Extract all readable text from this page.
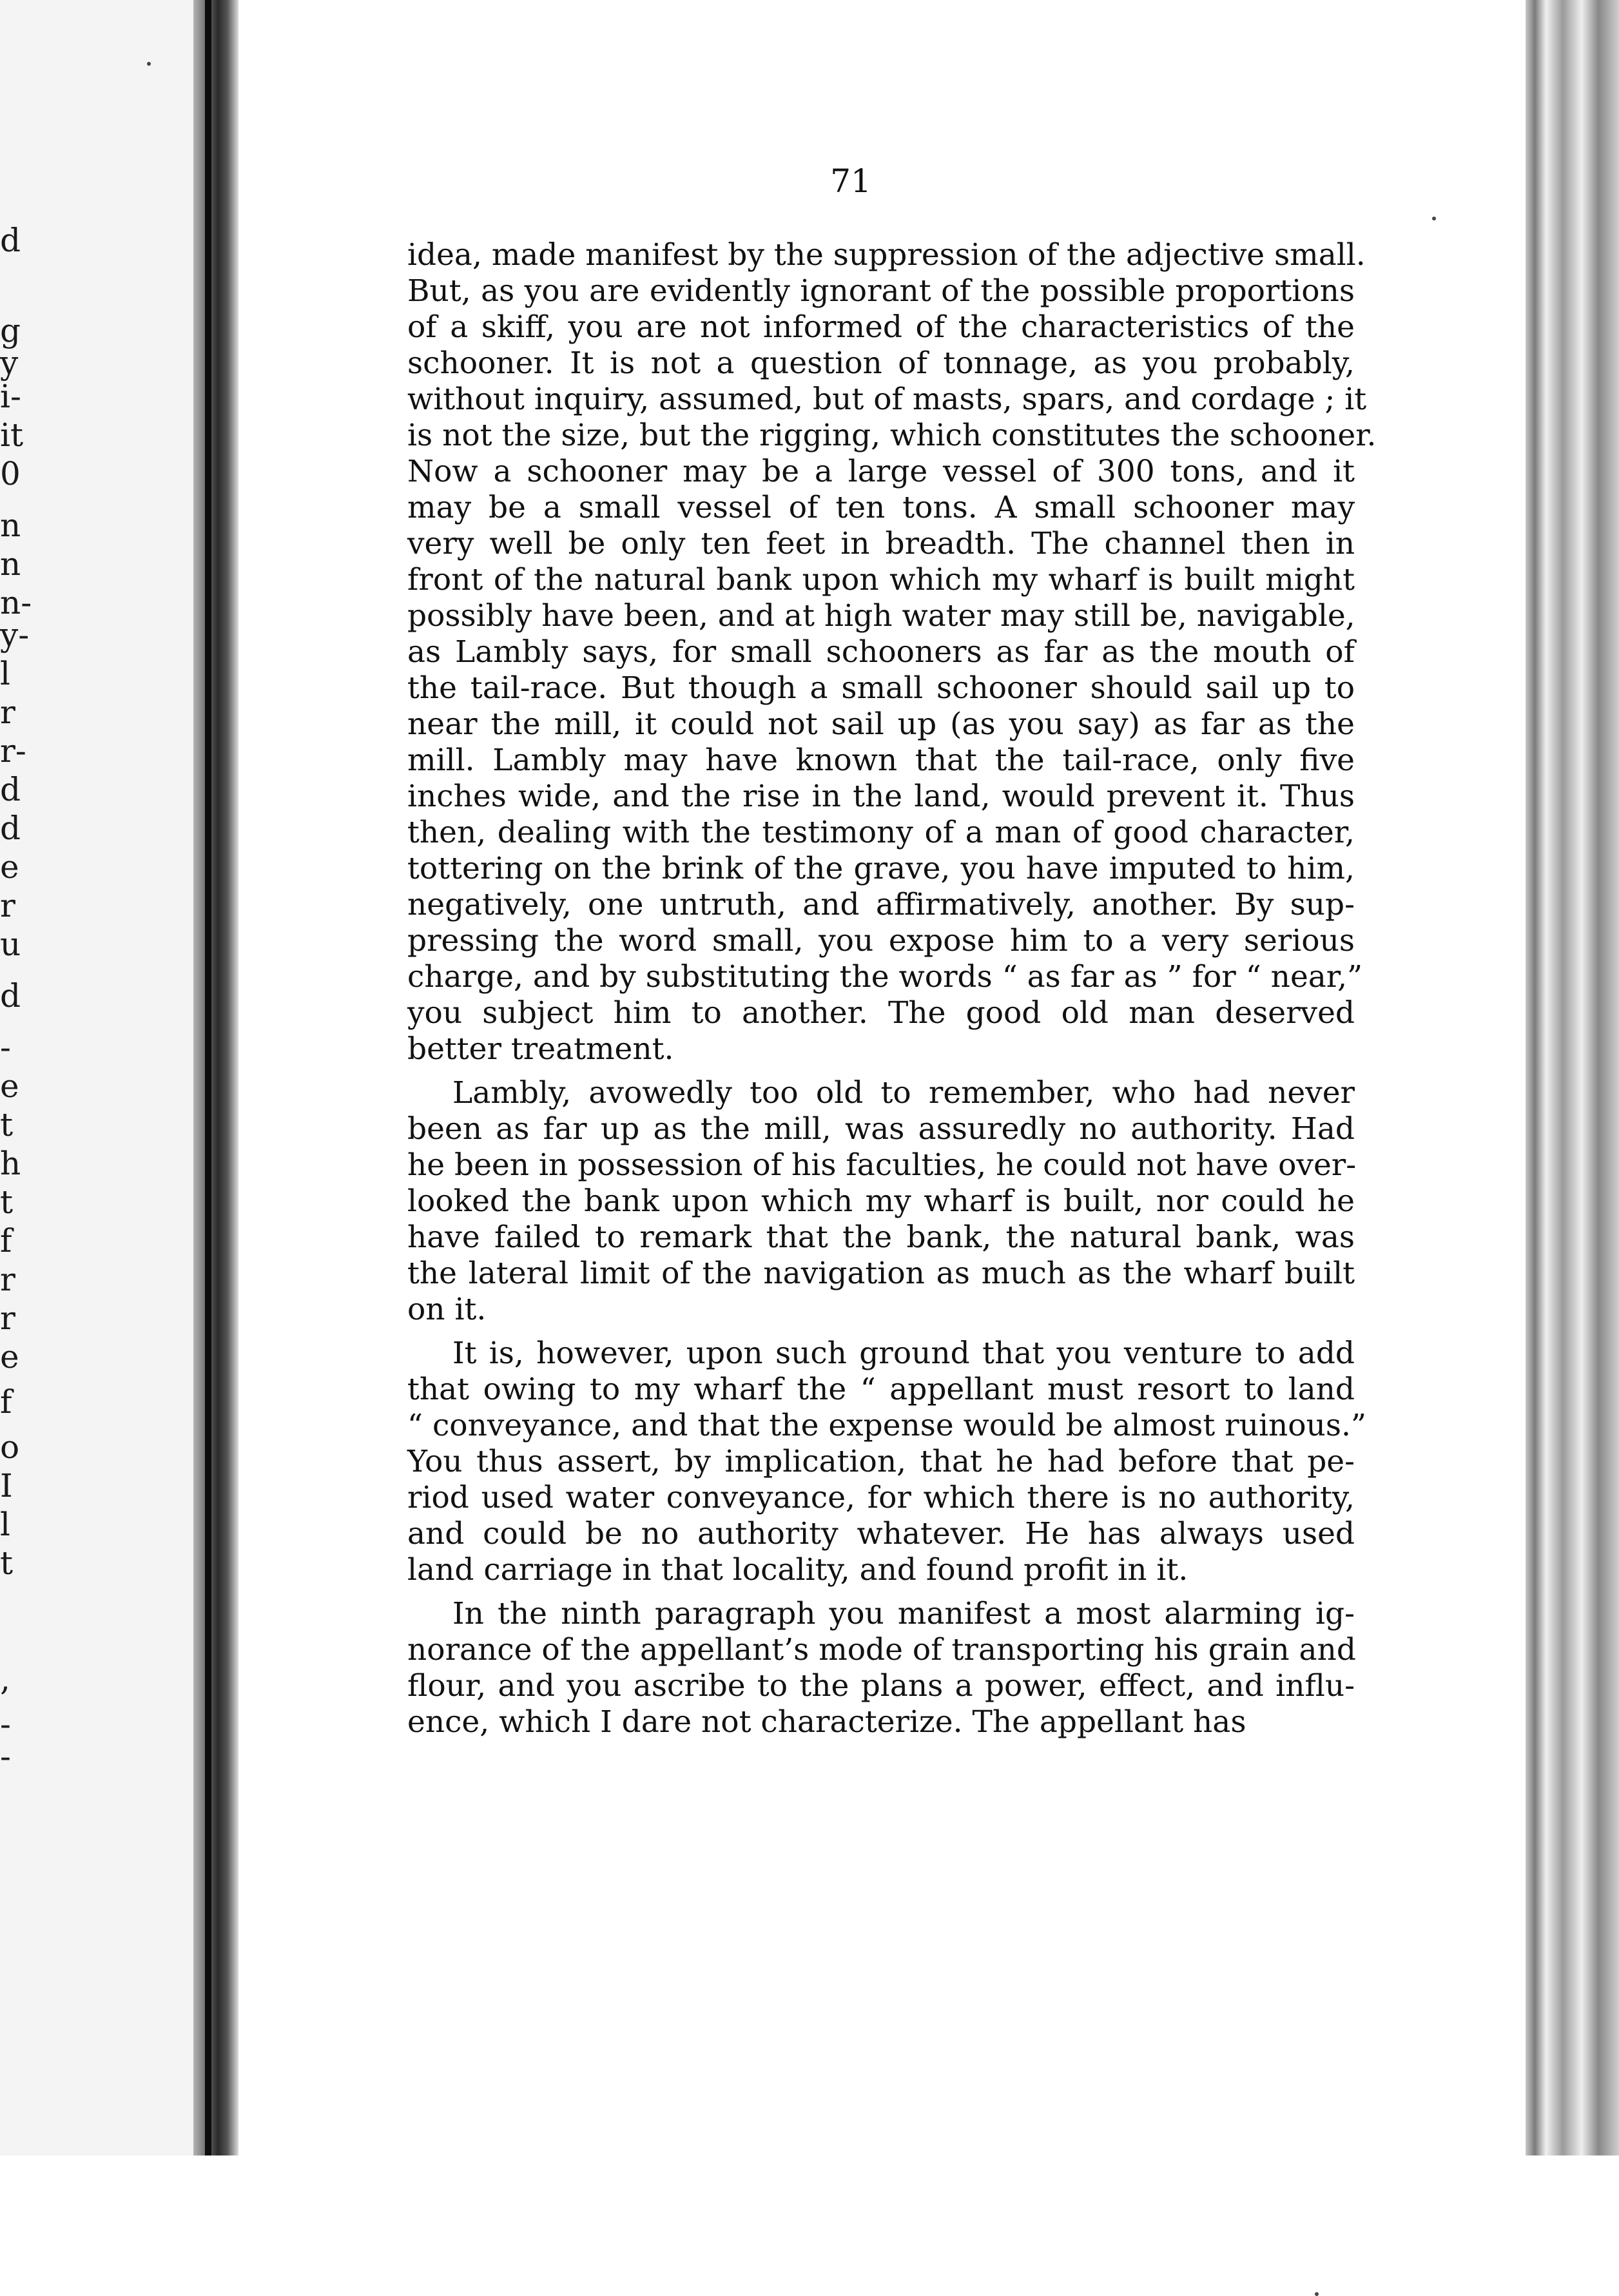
d
g
y
i-
it
0
n
n
n-
y-
l
r
r-
d
d
e
r
u
d
-
e
t
h
t
f
r
r
e
f
o
I
l
t
,
-
-
71
idea, made manifest by the suppression of the adjective small.
But, as you are evidently ignorant of the possible proportions
of a skiff, you are not informed of the characteristics of the
schooner. It is not a question of tonnage, as you probably,
without inquiry, assumed, but of masts, spars, and cordage ; it
is not the size, but the rigging, which constitutes the schooner.
Now a schooner may be a large vessel of 300 tons, and it
may be a small vessel of ten tons. A small schooner may
very well be only ten feet in breadth. The channel then in
front of the natural bank upon which my wharf is built might
possibly have been, and at high water may still be, navigable,
as Lambly says, for small schooners as far as the mouth of
the tail-race. But though a small schooner should sail up to
near the mill, it could not sail up (as you say) as far as the
mill. Lambly may have known that the tail-race, only five
inches wide, and the rise in the land, would prevent it. Thus
then, dealing with the testimony of a man of good character,
tottering on the brink of the grave, you have imputed to him,
negatively, one untruth, and affirmatively, another. By sup-
pressing the word small, you expose him to a very serious
charge, and by substituting the words “ as far as ” for “ near,”
you subject him to another. The good old man deserved
better treatment.
Lambly, avowedly too old to remember, who had never
been as far up as the mill, was assuredly no authority. Had
he been in possession of his faculties, he could not have over-
looked the bank upon which my wharf is built, nor could he
have failed to remark that the bank, the natural bank, was
the lateral limit of the navigation as much as the wharf built
on it.
It is, however, upon such ground that you venture to add
that owing to my wharf the “ appellant must resort to land
“ conveyance, and that the expense would be almost ruinous.”
You thus assert, by implication, that he had before that pe-
riod used water conveyance, for which there is no authority,
and could be no authority whatever. He has always used
land carriage in that locality, and found profit in it.
In the ninth paragraph you manifest a most alarming ig-
norance of the appellant’s mode of transporting his grain and
flour, and you ascribe to the plans a power, effect, and influ-
ence, which I dare not characterize. The appellant has
